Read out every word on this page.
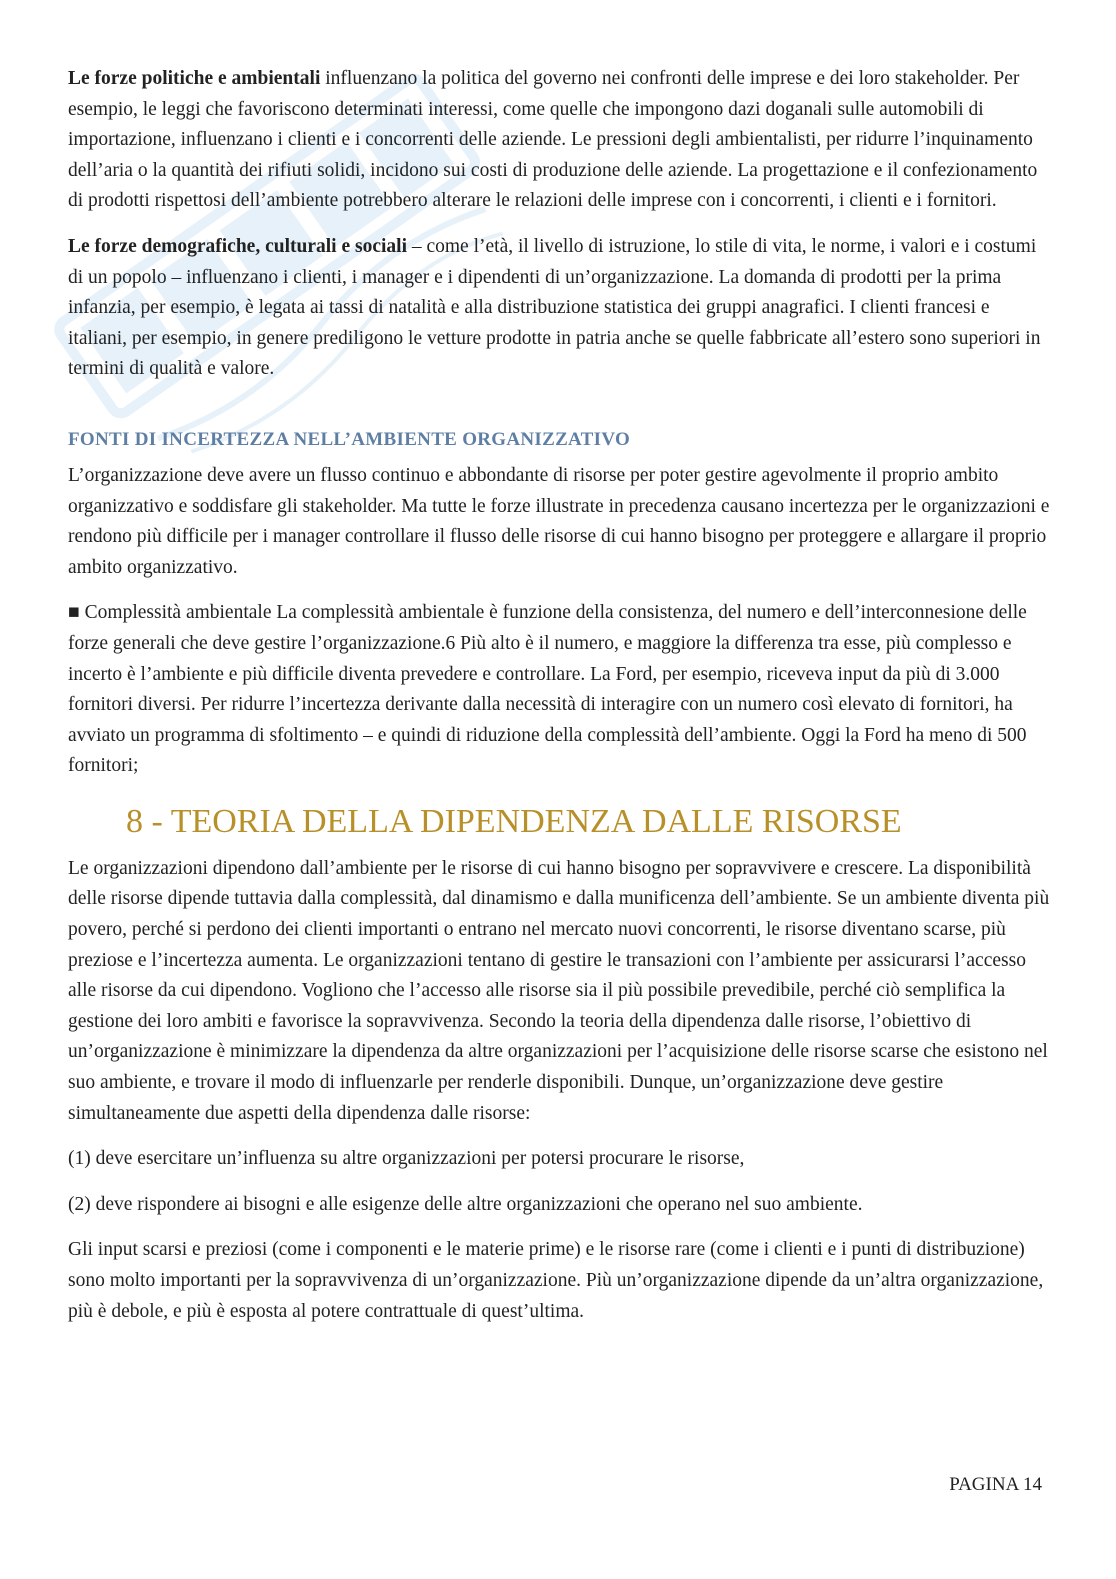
Le forze politiche e ambientali influenzano la politica del governo nei confronti delle imprese e dei loro stakeholder. Per esempio, le leggi che favoriscono determinati interessi, come quelle che impongono dazi doganali sulle automobili di importazione, influenzano i clienti e i concorrenti delle aziende. Le pressioni degli ambientalisti, per ridurre l’inquinamento dell’aria o la quantità dei rifiuti solidi, incidono sui costi di produzione delle aziende. La progettazione e il confezionamento di prodotti rispettosi dell’ambiente potrebbero alterare le relazioni delle imprese con i concorrenti, i clienti e i fornitori.

Le forze demografiche, culturali e sociali – come l’età, il livello di istruzione, lo stile di vita, le norme, i valori e i costumi di un popolo – influenzano i clienti, i manager e i dipendenti di un’organizzazione. La domanda di prodotti per la prima infanzia, per esempio, è legata ai tassi di natalità e alla distribuzione statistica dei gruppi anagrafici. I clienti francesi e italiani, per esempio, in genere prediligono le vetture prodotte in patria anche se quelle fabbricate all’estero sono superiori in termini di qualità e valore.

FONTI DI INCERTEZZA NELL’AMBIENTE ORGANIZZATIVO

L’organizzazione deve avere un flusso continuo e abbondante di risorse per poter gestire agevolmente il proprio ambito organizzativo e soddisfare gli stakeholder. Ma tutte le forze illustrate in precedenza causano incertezza per le organizzazioni e rendono più difficile per i manager controllare il flusso delle risorse di cui hanno bisogno per proteggere e allargare il proprio ambito organizzativo.

■ Complessità ambientale La complessità ambientale è funzione della consistenza, del numero e dell’interconnesione delle forze generali che deve gestire l’organizzazione.6 Più alto è il numero, e maggiore la differenza tra esse, più complesso e incerto è l’ambiente e più difficile diventa prevedere e controllare. La Ford, per esempio, riceveva input da più di 3.000 fornitori diversi. Per ridurre l’incertezza derivante dalla necessità di interagire con un numero così elevato di fornitori, ha avviato un programma di sfoltimento – e quindi di riduzione della complessità dell’ambiente. Oggi la Ford ha meno di 500 fornitori;

8 - TEORIA DELLA DIPENDENZA DALLE RISORSE

Le organizzazioni dipendono dall’ambiente per le risorse di cui hanno bisogno per sopravvivere e crescere. La disponibilità delle risorse dipende tuttavia dalla complessità, dal dinamismo e dalla munificenza dell’ambiente. Se un ambiente diventa più povero, perché si perdono dei clienti importanti o entrano nel mercato nuovi concorrenti, le risorse diventano scarse, più preziose e l’incertezza aumenta. Le organizzazioni tentano di gestire le transazioni con l’ambiente per assicurarsi l’accesso alle risorse da cui dipendono. Vogliono che l’accesso alle risorse sia il più possibile prevedibile, perché ciò semplifica la gestione dei loro ambiti e favorisce la sopravvivenza. Secondo la teoria della dipendenza dalle risorse, l’obiettivo di un’organizzazione è minimizzare la dipendenza da altre organizzazioni per l’acquisizione delle risorse scarse che esistono nel suo ambiente, e trovare il modo di influenzarle per renderle disponibili. Dunque, un’organizzazione deve gestire simultaneamente due aspetti della dipendenza dalle risorse:

(1) deve esercitare un’influenza su altre organizzazioni per potersi procurare le risorse,

(2) deve rispondere ai bisogni e alle esigenze delle altre organizzazioni che operano nel suo ambiente.

Gli input scarsi e preziosi (come i componenti e le materie prime) e le risorse rare (come i clienti e i punti di distribuzione) sono molto importanti per la sopravvivenza di un’organizzazione. Più un’organizzazione dipende da un’altra organizzazione, più è debole, e più è esposta al potere contrattuale di quest’ultima.

PAGINA 14
